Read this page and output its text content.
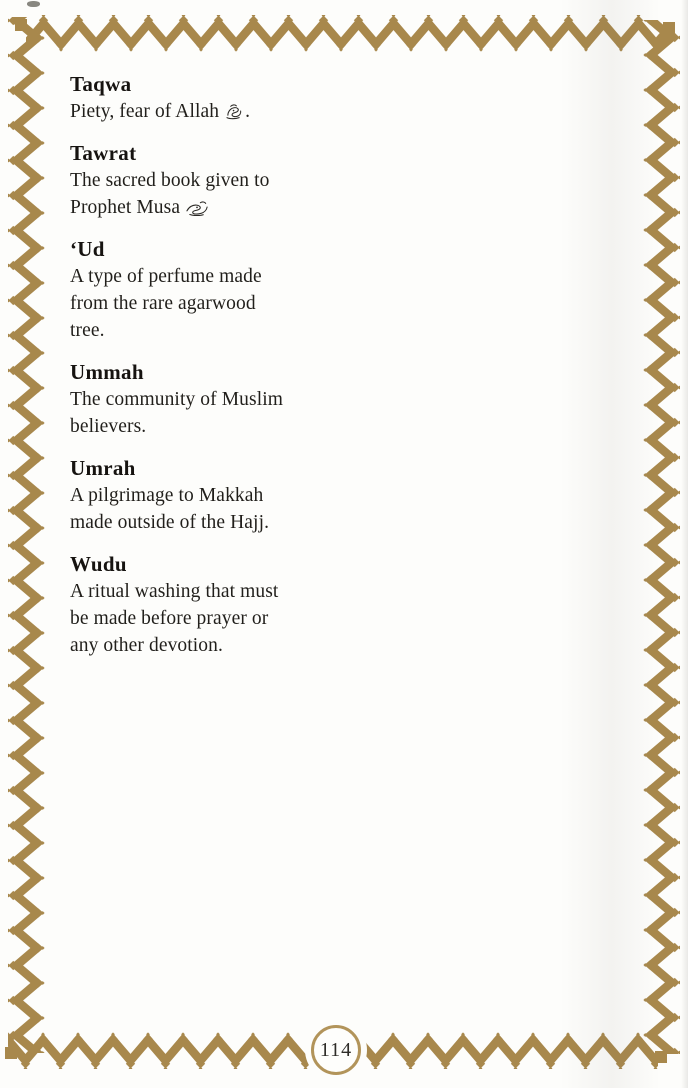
Taqwa
Piety, fear of Allah .
Tawrat
The sacred book given to
Prophet Musa
‘Ud
A type of perfume made
from the rare agarwood
tree.
Ummah
The community of Muslim
believers.
Umrah
A pilgrimage to Makkah
made outside of the Hajj.
Wudu
A ritual washing that must
be made before prayer or
any other devotion.
114
